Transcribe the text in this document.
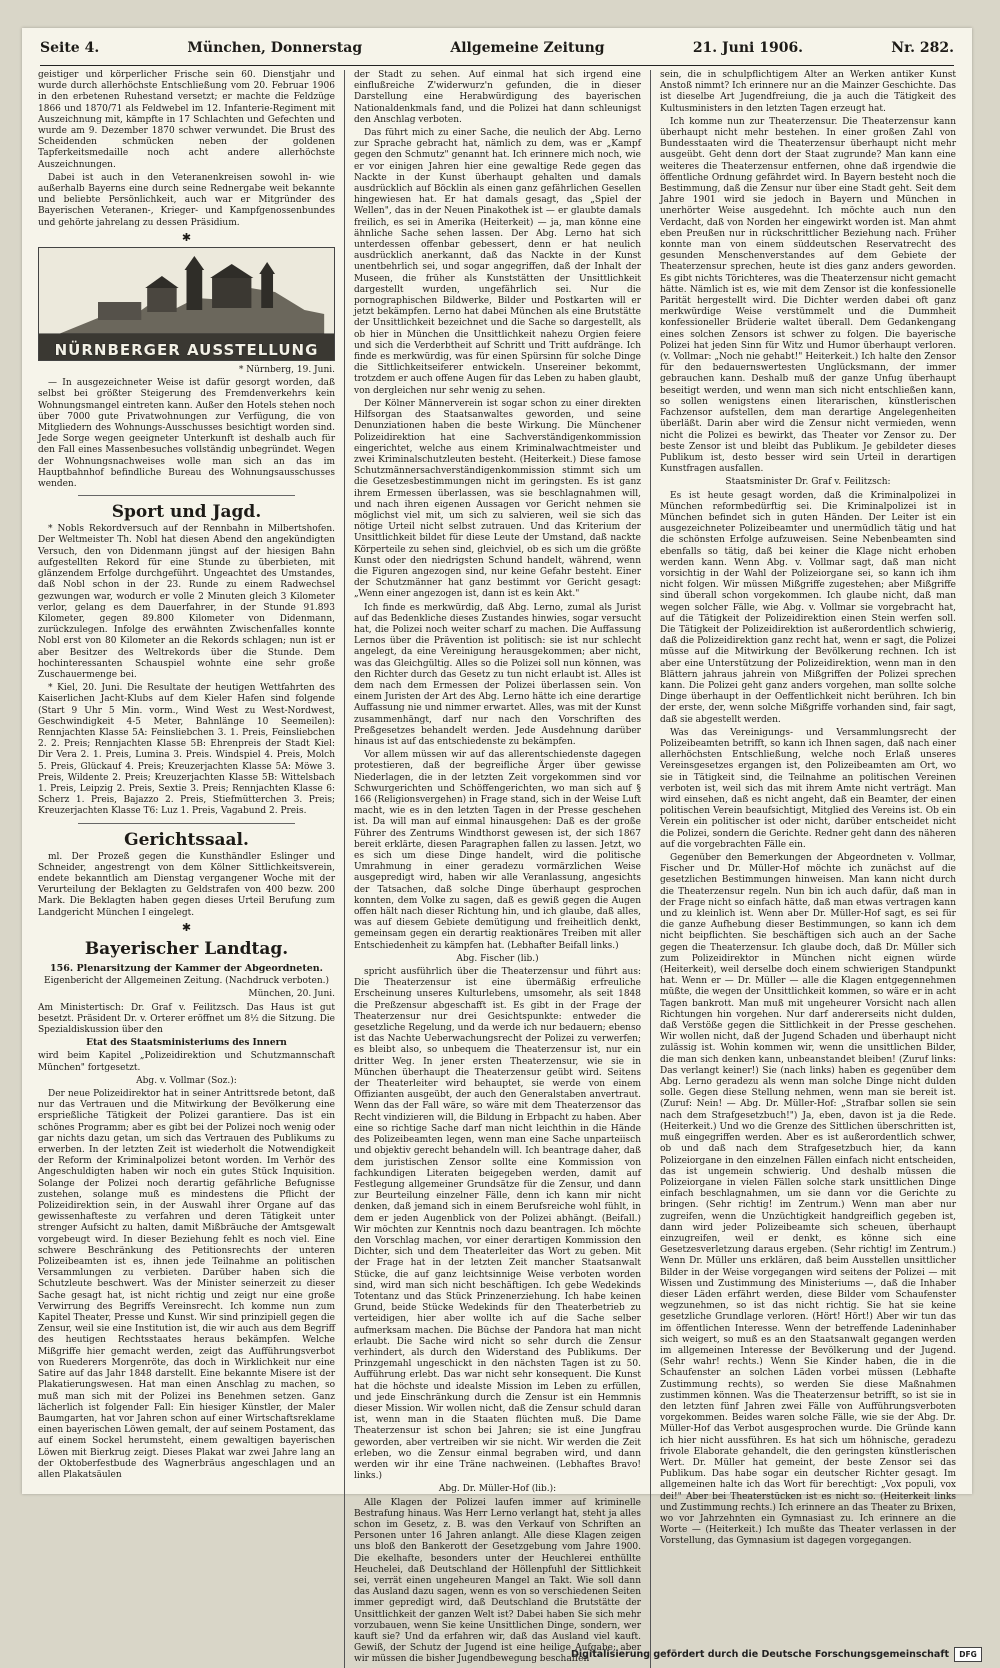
Seite 4.	München, Donnerstag	Allgemeine Zeitung	21. Juni 1906.	Nr. 282.

geistiger und körperlicher Frische sein 60. Dienstjahr und wurde durch allerhöchste Entschließung vom 20. Februar 1906 in den erbetenen Ruhestand versetzt; er machte die Feldzüge 1866 und 1870/71 als Feldwebel im 12. Infanterie-Regiment mit Auszeichnung mit, kämpfte in 17 Schlachten und Gefechten und wurde am 9. Dezember 1870 schwer verwundet. Die Brust des Scheidenden schmücken neben der goldenen Tapferkeitsmedaille noch acht andere allerhöchste Auszeichnungen.

Dabei ist auch in den Veteranenkreisen sowohl in- wie außerhalb Bayerns eine durch seine Rednergabe weit bekannte und beliebte Persönlichkeit, auch war er Mitgründer des Bayerischen Veteranen-, Krieger- und Kampfgenossenbundes und gehörte jahrelang zu dessen Präsidium.

✱
NÜRNBERGER AUSSTELLUNG

* Nürnberg, 19. Juni.

— In ausgezeichneter Weise ist dafür gesorgt worden, daß selbst bei größter Steigerung des Fremdenverkehrs kein Wohnungsmangel eintreten kann. Außer den Hotels stehen noch über 7000 gute Privatwohnungen zur Verfügung, die von Mitgliedern des Wohnungs-Ausschusses besichtigt worden sind. Jede Sorge wegen geeigneter Unterkunft ist deshalb auch für den Fall eines Massenbesuches vollständig unbegründet. Wegen der Wohnungsnachweises wolle man sich an das im Hauptbahnhof befindliche Bureau des Wohnungsausschusses wenden.

Sport und Jagd.

* Nobls Rekordversuch auf der Rennbahn in Milbertshofen. Der Weltmeister Th. Nobl hat diesen Abend den angekündigten Versuch, den von Didenmann jüngst auf der hiesigen Bahn aufgestellten Rekord für eine Stunde zu überbieten, mit glänzendem Erfolge durchgeführt. Ungeachtet des Umstandes, daß Nobl schon in der 23. Runde zu einem Radwechsel gezwungen war, wodurch er volle 2 Minuten gleich 3 Kilometer verlor, gelang es dem Dauerfahrer, in der Stunde 91.893 Kilometer, gegen 89.800 Kilometer von Didenmann, zurückzulegen. Infolge des erwähnten Zwischenfalles konnte Nobl erst von 80 Kilometer an die Rekords schlagen; nun ist er aber Besitzer des Weltrekords über die Stunde. Dem hochinteressanten Schauspiel wohnte eine sehr große Zuschauermenge bei.

* Kiel, 20. Juni. Die Resultate der heutigen Wettfahrten des Kaiserlichen Jacht-Klubs auf dem Kieler Hafen sind folgende (Start 9 Uhr 5 Min. vorm., Wind West zu West-Nordwest, Geschwindigkeit 4-5 Meter, Bahnlänge 10 Seemeilen): Rennjachten Klasse 5A: Feinsliebchen 3. 1. Preis, Feinsliebchen 2. 2. Preis; Rennjachten Klasse 5B: Ehrenpreis der Stadt Kiel: Dir Vera 2. 1. Preis, Lumina 3. Preis. Windspiel 4. Preis, Molch 5. Preis, Glückauf 4. Preis; Kreuzerjachten Klasse 5A: Möwe 3. Preis, Wildente 2. Preis; Kreuzerjachten Klasse 5B: Wittelsbach 1. Preis, Leipzig 2. Preis, Sextie 3. Preis; Rennjachten Klasse 6: Scherz 1. Preis, Bajazzo 2. Preis, Stiefmütterchen 3. Preis; Kreuzerjachten Klasse T6: Luz 1. Preis, Vagabund 2. Preis.

Gerichtssaal.

ml. Der Prozeß gegen die Kunsthändler Eslinger und Schneider, angestrengt von dem Kölner Sittlichkeitsverein, endete bekanntlich am Dienstag vergangener Woche mit der Verurteilung der Beklagten zu Geldstrafen von 400 bezw. 200 Mark. Die Beklagten haben gegen dieses Urteil Berufung zum Landgericht München I eingelegt.

✱
Bayerischer Landtag.
156. Plenarsitzung der Kammer der Abgeordneten.

Eigenbericht der Allgemeinen Zeitung. (Nachdruck verboten.)

München, 20. Juni.

Am Ministertisch: Dr. Graf v. Feilitzsch. Das Haus ist gut besetzt. Präsident Dr. v. Orterer eröffnet um 8½ die Sitzung. Die Spezialdiskussion über den

Etat des Staatsministeriums des Innern

wird beim Kapitel „Polizeidirektion und Schutzmannschaft München" fortgesetzt.

Abg. v. Vollmar (Soz.):

Der neue Polizeidirektor hat in seiner Antrittsrede betont, daß nur das Vertrauen und die Mitwirkung der Bevölkerung eine ersprießliche Tätigkeit der Polizei garantiere. Das ist ein schönes Programm; aber es gibt bei der Polizei noch wenig oder gar nichts dazu getan, um sich das Vertrauen des Publikums zu erwerben. In der letzten Zeit ist wiederholt die Notwendigkeit der Reform der Kriminalpolizei betont worden. Im Verhör des Angeschuldigten haben wir noch ein gutes Stück Inquisition. Solange der Polizei noch derartig gefährliche Befugnisse zustehen, solange muß es mindestens die Pflicht der Polizeidirektion sein, in der Auswahl ihrer Organe auf das gewissenhafteste zu verfahren und deren Tätigkeit unter strenger Aufsicht zu halten, damit Mißbräuche der Amtsgewalt vorgebeugt wird. In dieser Beziehung fehlt es noch viel. Eine schwere Beschränkung des Petitionsrechts der unteren Polizeibeamten ist es, ihnen jede Teilnahme an politischen Versammlungen zu verbieten. Darüber haben sich die Schutzleute beschwert. Was der Minister seinerzeit zu dieser Sache gesagt hat, ist nicht richtig und zeigt nur eine große Verwirrung des Begriffs Vereinsrecht. Ich komme nun zum Kapitel Theater, Presse und Kunst. Wir sind prinzipiell gegen die Zensur, weil sie eine Institution ist, die wir auch aus dem Begriff des heutigen Rechtsstaates heraus bekämpfen. Welche Mißgriffe hier gemacht werden, zeigt das Aufführungsverbot von Ruederers Morgenröte, das doch in Wirklichkeit nur eine Satire auf das Jahr 1848 darstellt. Eine bekannte Misere ist der Plakatierungswesen. Hat man einen Anschlag zu machen, so muß man sich mit der Polizei ins Benehmen setzen. Ganz lächerlich ist folgender Fall: Ein hiesiger Künstler, der Maler Baumgarten, hat vor Jahren schon auf einer Wirtschaftsreklame einen bayerischen Löwen gemalt, der auf seinem Postament, das auf einem Sockel herumsteht, einem gewaltigen bayerischen Löwen mit Bierkrug zeigt. Dieses Plakat war zwei Jahre lang an der Oktoberfestbude des Wagnerbräus angeschlagen und an allen Plakatsäulen

der Stadt zu sehen. Auf einmal hat sich irgend eine einflußreiche Z'widerwurz'n gefunden, die in dieser Darstellung eine Herabwürdigung des bayerischen Nationaldenkmals fand, und die Polizei hat dann schleunigst den Anschlag verboten.

Das führt mich zu einer Sache, die neulich der Abg. Lerno zur Sprache gebracht hat, nämlich zu dem, was er „Kampf gegen den Schmutz" genannt hat. Ich erinnere mich noch, wie er vor einigen Jahren hier eine gewaltige Rede gegen das Nackte in der Kunst überhaupt gehalten und damals ausdrücklich auf Böcklin als einen ganz gefährlichen Gesellen hingewiesen hat. Er hat damals gesagt, das „Spiel der Wellen", das in der Neuen Pinakothek ist — er glaubte damals freilich, es sei in Amerika (Heiterkeit) — ja, man könne eine ähnliche Sache sehen lassen. Der Abg. Lerno hat sich unterdessen offenbar gebessert, denn er hat neulich ausdrücklich anerkannt, daß das Nackte in der Kunst unentbehrlich sei, und sogar angegriffen, daß der Inhalt der Museen, die früher als Kunststätten der Unsittlichkeit dargestellt wurden, ungefährlich sei. Nur die pornographischen Bildwerke, Bilder und Postkarten will er jetzt bekämpfen. Lerno hat dabei München als eine Brutstätte der Unsittlichkeit bezeichnet und die Sache so dargestellt, als ob hier in München die Unsittlichkeit nahezu Orgien feiere und sich die Verderbtheit auf Schritt und Tritt aufdränge. Ich finde es merkwürdig, was für einen Spürsinn für solche Dinge die Sittlichkeitseiferer entwickeln. Unsereiner bekommt, trotzdem er auch offene Augen für das Leben zu haben glaubt, von dergleichen nur sehr wenig zu sehen.

Der Kölner Männerverein ist sogar schon zu einer direkten Hilfsorgan des Staatsanwaltes geworden, und seine Denunziationen haben die beste Wirkung. Die Münchener Polizeidirektion hat eine Sachverständigenkommission eingerichtet, welche aus einem Kriminalwachtmeister und zwei Kriminalschutzleuten besteht. (Heiterkeit.) Diese famose Schutzmännersachverständigenkommission stimmt sich um die Gesetzesbestimmungen nicht im geringsten. Es ist ganz ihrem Ermessen überlassen, was sie beschlagnahmen will, und nach ihren eigenen Aussagen vor Gericht nehmen sie möglichst viel mit, um sich zu salvieren, weil sie sich das nötige Urteil nicht selbst zutrauen. Und das Kriterium der Unsittlichkeit bildet für diese Leute der Umstand, daß nackte Körperteile zu sehen sind, gleichviel, ob es sich um die größte Kunst oder den niedrigsten Schund handelt, während, wenn die Figuren angezogen sind, nur keine Gefahr besteht. Einer der Schutzmänner hat ganz bestimmt vor Gericht gesagt: „Wenn einer angezogen ist, dann ist es kein Akt."

Ich finde es merkwürdig, daß Abg. Lerno, zumal als Jurist auf das Bedenkliche dieses Zustandes hinwies, sogar versucht hat, die Polizei noch weiter scharf zu machen. Die Auffassung Lernos über die Prävention ist politisch: sie ist nur schlecht angelegt, da eine Vereinigung herausgekommen; aber nicht, was das Gleichgültig. Alles so die Polizei soll nun können, was den Richter durch das Gesetz zu tun nicht erlaubt ist. Alles ist dem nach dem Ermessen der Polizei überlassen sein. Von einem Juristen der Art des Abg. Lerno hätte ich eine derartige Auffassung nie und nimmer erwartet. Alles, was mit der Kunst zusammenhängt, darf nur nach den Vorschriften des Preßgesetzes behandelt werden. Jede Ausdehnung darüber hinaus ist auf das entschiedenste zu bekämpfen.

Vor allem müssen wir auf das allerentschiedenste dagegen protestieren, daß der begreifliche Ärger über gewisse Niederlagen, die in der letzten Zeit vorgekommen sind vor Schwurgerichten und Schöffengerichten, wo man sich auf § 166 (Religionsvergehen) in Frage stand, sich in der Weise Luft macht, wie es in den letzten Tagen in der Presse geschehen ist. Da will man auf einmal hinausgehen: Daß es der große Führer des Zentrums Windthorst gewesen ist, der sich 1867 bereit erklärte, diesen Paragraphen fallen zu lassen. Jetzt, wo es sich um diese Dinge handelt, wird die politische Umrahmung in einer geradezu vormärzlichen Weise ausgepredigt wird, haben wir alle Veranlassung, angesichts der Tatsachen, daß solche Dinge überhaupt gesprochen konnten, dem Volke zu sagen, daß es gewiß gegen die Augen offen hält nach dieser Richtung hin, und ich glaube, daß alles, was auf diesem Gebiete demütigung und freiheitlich denkt, gemeinsam gegen ein derartig reaktionäres Treiben mit aller Entschiedenheit zu kämpfen hat. (Lebhafter Beifall links.)

Abg. Fischer (lib.)

spricht ausführlich über die Theaterzensur und führt aus: Die Theaterzensur ist eine übermäßig erfreuliche Erscheinung unseres Kulturlebens, umsomehr, als seit 1848 die Preßzensur abgeschafft ist. Es gibt in der Frage der Theaterzensur nur drei Gesichtspunkte: entweder die gesetzliche Regelung, und da werde ich nur bedauern; ebenso ist das Nachte Ueberwachungsrecht der Polizei zu verwerfen; es bleibt also, so unbequem die Theaterzensur ist, nur ein dritter Weg. In jener ersten Theaterzensur, wie sie in München überhaupt die Theaterzensur geübt wird. Seitens der Theaterleiter wird behauptet, sie werde von einem Offizianten ausgeübt, der auch den Generalstaben anvertraut. Wenn das der Fall wäre, so wäre mit dem Theaterzensor das Recht vindizieren will, die Bildung in Erbpacht zu haben. Aber eine so richtige Sache darf man nicht leichthin in die Hände des Polizeibeamten legen, wenn man eine Sache unparteiisch und objektiv gerecht behandeln will. Ich beantrage daher, daß dem juristischen Zensor sollte eine Kommission von fachkundigen Literaten beigegeben werden, damit auf Festlegung allgemeiner Grundsätze für die Zensur, und dann zur Beurteilung einzelner Fälle, denn ich kann mir nicht denken, daß jemand sich in einem Berufsreiche wohl fühlt, in dem er jeden Augenblick von der Polizei abhängt. (Beifall.) Wir möchten zur Kenntnis noch dazu beantragen. Ich möchte den Vorschlag machen, vor einer derartigen Kommission den Dichter, sich und dem Theaterleiter das Wort zu geben. Mit der Frage hat in der letzten Zeit mancher Staatsanwalt Stücke, die auf ganz leichtsinnige Weise verboten worden sind, wird man sich nicht beschäftigen. Ich gebe Wedekinds Totentanz und das Stück Prinzenerziehung. Ich habe keinen Grund, beide Stücke Wedekinds für den Theaterbetrieb zu verteidigen, hier aber wollte ich auf die Sache selber aufmerksam machen. Die Büchse der Pandora hat man nicht erlaubt. Die Sache wird nicht so sehr durch die Zensur verhindert, als durch den Widerstand des Publikums. Der Prinzgemahl ungeschickt in den nächsten Tagen ist zu 50. Aufführung erlebt. Das war nicht sehr konsequent. Die Kunst hat die höchste und idealste Mission im Leben zu erfüllen, und jede Einschränkung durch die Zensur ist ein Hemmnis dieser Mission. Wir wollen nicht, daß die Zensur schuld daran ist, wenn man in die Staaten flüchten muß. Die Dame Theaterzensur ist schon bei Jahren; sie ist eine Jungfrau geworden, aber vertreiben wir sie nicht. Wir werden die Zeit erleben, wo die Zensur einmal begraben wird, und dann werden wir ihr eine Träne nachweinen. (Lebhaftes Bravo! links.)

Abg. Dr. Müller-Hof (lib.):

Alle Klagen der Polizei laufen immer auf kriminelle Bestrafung hinaus. Was Herr Lerno verlangt hat, steht ja alles schon im Gesetz, z. B. was den Verkauf von Schriften an Personen unter 16 Jahren anlangt. Alle diese Klagen zeigen uns bloß den Bankerott der Gesetzgebung vom Jahre 1900. Die ekelhafte, besonders unter der Heuchlerei enthüllte Heuchelei, daß Deutschland der Höllenpfuhl der Sittlichkeit sei, verrät einen ungeheuren Mangel an Takt. Wie soll dann das Ausland dazu sagen, wenn es von so verschiedenen Seiten immer gepredigt wird, daß Deutschland die Brutstätte der Unsittlichkeit der ganzen Welt ist? Dabei haben Sie sich mehr vorzubauen, wenn Sie keine Unsittlichen Dinge, sondern, wer kauft sie? Und da erfahren wir, daß das Ausland viel kauft. Gewiß, der Schutz der Jugend ist eine heilige Aufgabe; aber wir müssen die bisher Jugendbewegung beschaffen

sein, die in schulpflichtigem Alter an Werken antiker Kunst Anstoß nimmt? Ich erinnere nur an die Mainzer Geschichte. Das ist dieselbe Art Jugendfreiung, die ja auch die Tätigkeit des Kultusministers in den letzten Tagen erzeugt hat.

Ich komme nun zur Theaterzensur. Die Theaterzensur kann überhaupt nicht mehr bestehen. In einer großen Zahl von Bundesstaaten wird die Theaterzensur überhaupt nicht mehr ausgeübt. Geht denn dort der Staat zugrunde? Man kann eine weiteres die Theaterzensur entfernen, ohne daß irgendwie die öffentliche Ordnung gefährdet wird. In Bayern besteht noch die Bestimmung, daß die Zensur nur über eine Stadt geht. Seit dem Jahre 1901 wird sie jedoch in Bayern und München in unerhörter Weise ausgedehnt. Ich möchte auch nun den Verdacht, daß von Norden her eingewirkt worden ist. Man ahmt eben Preußen nur in rückschrittlicher Beziehung nach. Früher konnte man von einem süddeutschen Reservatrecht des gesunden Menschenverstandes auf dem Gebiete der Theaterzensur sprechen, heute ist dies ganz anders geworden. Es gibt nichts Törichteres, was die Theaterzensur nicht gemacht hätte. Nämlich ist es, wie mit dem Zensor ist die konfessionelle Parität hergestellt wird. Die Dichter werden dabei oft ganz merkwürdige Weise verstümmelt und die Dummheit konfessioneller Brüderie waltet überall. Dem Gedankengang eines solchen Zensors ist schwer zu folgen. Die bayerische Polizei hat jeden Sinn für Witz und Humor überhaupt verloren. (v. Vollmar: „Noch nie gehabt!" Heiterkeit.) Ich halte den Zensor für den bedauernswertesten Unglücksmann, der immer gebrauchen kann. Deshalb muß der ganze Unfug überhaupt beseitigt werden, und wenn man sich nicht entschließen kann, so sollen wenigstens einen literarischen, künstlerischen Fachzensor aufstellen, dem man derartige Angelegenheiten überläßt. Darin aber wird die Zensur nicht vermieden, wenn nicht die Polizei es bewirkt, das Theater vor Zensor zu. Der beste Zensor ist und bleibt das Publikum. Je gebildeter dieses Publikum ist, desto besser wird sein Urteil in derartigen Kunstfragen ausfallen.

Staatsminister Dr. Graf v. Feilitzsch:

Es ist heute gesagt worden, daß die Kriminalpolizei in München reformbedürftig sei. Die Kriminalpolizei ist in München befindet sich in guten Händen. Der Leiter ist ein ausgezeichneter Polizeibeamter und unermüdlich tätig und hat die schönsten Erfolge aufzuweisen. Seine Nebenbeamten sind ebenfalls so tätig, daß bei keiner die Klage nicht erhoben werden kann. Wenn Abg. v. Vollmar sagt, daß man nicht vorsichtig in der Wahl der Polizeiorgane sei, so kann ich ihm nicht folgen. Wir müssen Mißgriffe zugestehen; aber Mißgriffe sind überall schon vorgekommen. Ich glaube nicht, daß man wegen solcher Fälle, wie Abg. v. Vollmar sie vorgebracht hat, auf die Tätigkeit der Polizeidirektion einen Stein werfen soll. Die Tätigkeit der Polizeidirektion ist außerordentlich schwierig, daß die Polizeidirektion ganz recht hat, wenn er sagt, die Polizei müsse auf die Mitwirkung der Bevölkerung rechnen. Ich ist aber eine Unterstützung der Polizeidirektion, wenn man in den Blättern jahraus jahrein von Mißgriffen der Polizei sprechen kann. Die Polizei geht ganz anders vorgehen, man sollte solche Dinge überhaupt in der Oeffentlichkeit nicht berühren. Ich bin der erste, der, wenn solche Mißgriffe vorhanden sind, fair sagt, daß sie abgestellt werden.

Was das Vereinigungs- und Versammlungsrecht der Polizeibeamten betrifft, so kann ich Ihnen sagen, daß nach einer allerhöchsten Entschließung, welche noch Erlaß unseres Vereinsgesetzes ergangen ist, den Polizeibeamten am Ort, wo sie in Tätigkeit sind, die Teilnahme an politischen Vereinen verboten ist, weil sich das mit ihrem Amte nicht verträgt. Man wird einsehen, daß es nicht angeht, daß ein Beamter, der einen politischen Verein beaufsichtigt, Mitglied des Vereins ist. Ob ein Verein ein politischer ist oder nicht, darüber entscheidet nicht die Polizei, sondern die Gerichte. Redner geht dann des näheren auf die vorgebrachten Fälle ein.

Gegenüber den Bemerkungen der Abgeordneten v. Vollmar, Fischer und Dr. Müller-Hof möchte ich zunächst auf die gesetzlichen Bestimmungen hinweisen. Man kann nicht durch die Theaterzensur regeln. Nun bin ich auch dafür, daß man in der Frage nicht so einfach hätte, daß man etwas vertragen kann und zu kleinlich ist. Wenn aber Dr. Müller-Hof sagt, es sei für die ganze Aufhebung dieser Bestimmungen, so kann ich dem nicht beipflichten. Sie beschäftigen sich auch an der Sache gegen die Theaterzensur. Ich glaube doch, daß Dr. Müller sich zum Polizeidirektor in München nicht eignen würde (Heiterkeit), weil derselbe doch einem schwierigen Standpunkt hat. Wenn er — Dr. Müller — alle die Klagen entgegennehmen müßte, die wegen der Unsittlichkeit kommen, so wäre er in acht Tagen bankrott. Man muß mit ungeheurer Vorsicht nach allen Richtungen hin vorgehen. Nur darf andererseits nicht dulden, daß Verstöße gegen die Sittlichkeit in der Presse geschehen. Wir wollen nicht, daß der Jugend Schaden und überhaupt nicht zulässig ist. Wohin kommen wir, wenn die unsittlichen Bilder, die man sich denken kann, unbeanstandet bleiben! (Zuruf links: Das verlangt keiner!) Sie (nach links) haben es gegenüber dem Abg. Lerno geradezu als wenn man solche Dinge nicht dulden solle. Gegen diese Stellung nehmen, wenn man sie bereit ist. (Zuruf: Nein! — Abg. Dr. Müller-Hof: „Strafbar sollen sie sein nach dem Strafgesetzbuch!") Ja, eben, davon ist ja die Rede. (Heiterkeit.) Und wo die Grenze des Sittlichen überschritten ist, muß eingegriffen werden. Aber es ist außerordentlich schwer, ob und daß nach dem Strafgesetzbuch hier, da kann Polizeiorgane in den einzelnen Fällen einfach nicht entscheiden, das ist ungemein schwierig. Und deshalb müssen die Polizeiorgane in vielen Fällen solche stark unsittlichen Dinge einfach beschlagnahmen, um sie dann vor die Gerichte zu bringen. (Sehr richtig! im Zentrum.) Wenn man aber nur zugreifen, wenn die Unzüchtigkeit handgreiflich gegeben ist, dann wird jeder Polizeibeamte sich scheuen, überhaupt einzugreifen, weil er denkt, es könne sich eine Gesetzesverletzung daraus ergeben. (Sehr richtig! im Zentrum.) Wenn Dr. Müller uns erklären, daß beim Ausstellen unsittlicher Bilder in der Weise vorgegangen wird seitens der Polizei — mit Wissen und Zustimmung des Ministeriums —, daß die Inhaber dieser Läden erfährt werden, diese Bilder vom Schaufenster wegzunehmen, so ist das nicht richtig. Sie hat sie keine gesetzliche Grundlage verloren. (Hört! Hört!) Aber wir tun das im öffentlichen Interesse. Wenn der betreffende Ladeninhaber sich weigert, so muß es an den Staatsanwalt gegangen werden im allgemeinen Interesse der Bevölkerung und der Jugend. (Sehr wahr! rechts.) Wenn Sie Kinder haben, die in die Schaufenster an solchen Läden vorbei müssen (Lebhafte Zustimmung rechts), so werden Sie diese Maßnahmen zustimmen können. Was die Theaterzensur betrifft, so ist sie in den letzten fünf Jahren zwei Fälle von Aufführungsverboten vorgekommen. Beides waren solche Fälle, wie sie der Abg. Dr. Müller-Hof das Verbot ausgesprochen wurde. Die Gründe kann ich hier nicht aussführen. Es hat sich um höhnische, geradezu frivole Elaborate gehandelt, die den geringsten künstlerischen Wert. Dr. Müller hat gemeint, der beste Zensor sei das Publikum. Das habe sogar ein deutscher Richter gesagt. Im allgemeinen halte ich das Wort für berechtigt: „Vox populi, vox dei!" Aber bei Theaterstücken ist es nicht so. (Heiterkeit links und Zustimmung rechts.) Ich erinnere an das Theater zu Brixen, wo vor Jahrzehnten ein Gymnasiast zu. Ich erinnere an die Worte — (Heiterkeit.) Ich mußte das Theater verlassen in der Vorstellung, das Gymnasium ist dagegen vorgegangen.

Digitalisierung gefördert durch die Deutsche Forschungsgemeinschaft	DFG
